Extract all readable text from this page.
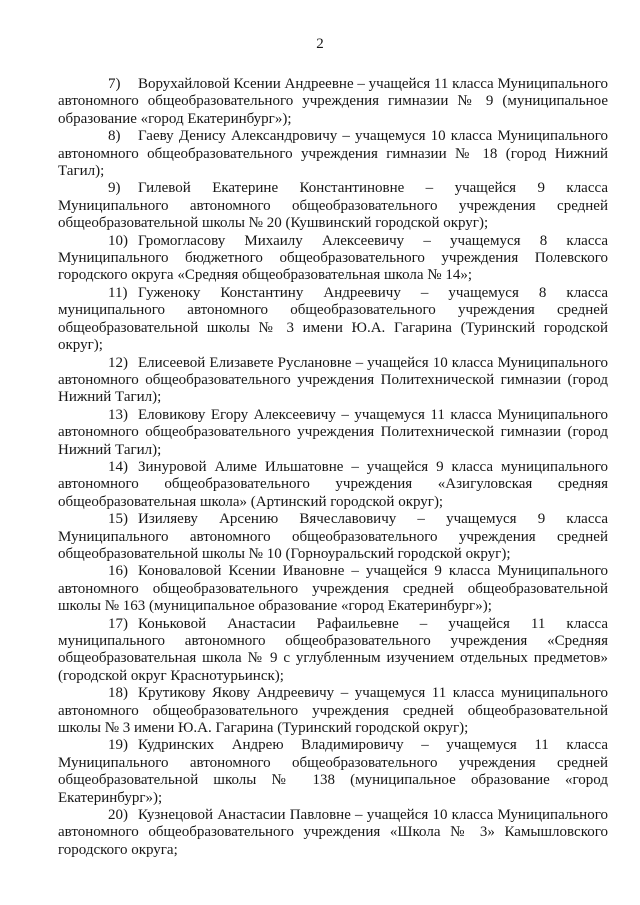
2

7) Ворухайловой Ксении Андреевне – учащейся 11 класса Муниципального автономного общеобразовательного учреждения гимназии № 9 (муниципальное образование «город Екатеринбург»);

8) Гаеву Денису Александровичу – учащемуся 10 класса Муниципального автономного общеобразовательного учреждения гимназии № 18 (город Нижний Тагил);

9) Гилевой Екатерине Константиновне – учащейся 9 класса Муниципального автономного общеобразовательного учреждения средней общеобразовательной школы № 20 (Кушвинский городской округ);

10) Громогласову Михаилу Алексеевичу – учащемуся 8 класса Муниципального бюджетного общеобразовательного учреждения Полевского городского округа «Средняя общеобразовательная школа № 14»;

11) Гуженоку Константину Андреевичу – учащемуся 8 класса муниципального автономного общеобразовательного учреждения средней общеобразовательной школы № 3 имени Ю.А. Гагарина (Туринский городской округ);

12) Елисеевой Елизавете Руслановне – учащейся 10 класса Муниципального автономного общеобразовательного учреждения Политехнической гимназии (город Нижний Тагил);

13) Еловикову Егору Алексеевичу – учащемуся 11 класса Муниципального автономного общеобразовательного учреждения Политехнической гимназии (город Нижний Тагил);

14) Зинуровой Алиме Ильшатовне – учащейся 9 класса муниципального автономного общеобразовательного учреждения «Азигуловская средняя общеобразовательная школа» (Артинский городской округ);

15) Изиляеву Арсению Вячеславовичу – учащемуся 9 класса Муниципального автономного общеобразовательного учреждения средней общеобразовательной школы № 10 (Горноуральский городской округ);

16) Коноваловой Ксении Ивановне – учащейся 9 класса Муниципального автономного общеобразовательного учреждения средней общеобразовательной школы № 163 (муниципальное образование «город Екатеринбург»);

17) Коньковой Анастасии Рафаильевне – учащейся 11 класса муниципального автономного общеобразовательного учреждения «Средняя общеобразовательная школа № 9 с углубленным изучением отдельных предметов» (городской округ Краснотурьинск);

18) Крутикову Якову Андреевичу – учащемуся 11 класса муниципального автономного общеобразовательного учреждения средней общеобразовательной школы № 3 имени Ю.А. Гагарина (Туринский городской округ);

19) Кудринских Андрею Владимировичу – учащемуся 11 класса Муниципального автономного общеобразовательного учреждения средней общеобразовательной школы № 138 (муниципальное образование «город Екатеринбург»);

20) Кузнецовой Анастасии Павловне – учащейся 10 класса Муниципального автономного общеобразовательного учреждения «Школа № 3» Камышловского городского округа;
